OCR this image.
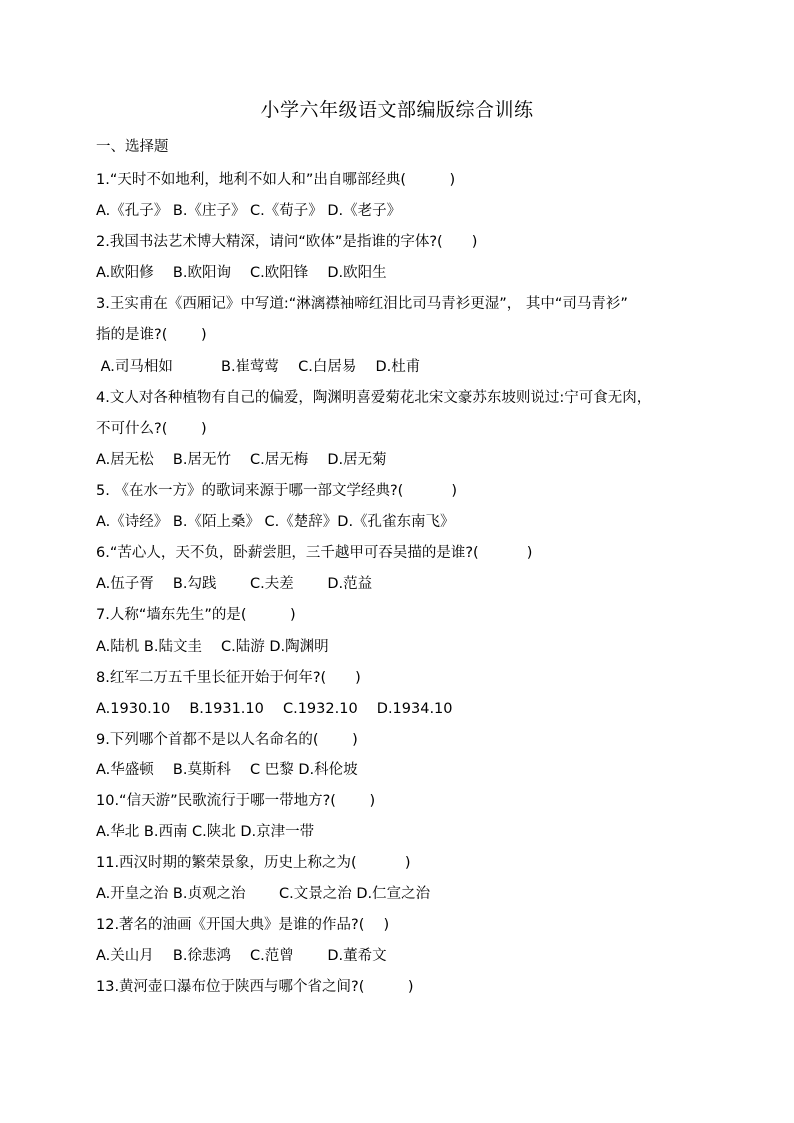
小学六年级语文部编版综合训练
一、选择题
1.“天时不如地利，地利不如人和”出自哪部经典(　　　)
A.《孔子》 B.《庄子》 C.《荀子》 D.《老子》
2.我国书法艺术博大精深，请问“欧体”是指谁的字体?(　　)
A.欧阳修　 B.欧阳询　 C.欧阳锋　 D.欧阳生
3.王实甫在《西厢记》中写道:“淋漓襟袖啼红泪比司马青衫更湿”， 其中“司马青衫”
指的是谁?(　　 )
A.司马相如　　　 B.崔莺莺　 C.白居易　 D.杜甫
4.文人对各种植物有自己的偏爱，陶渊明喜爱菊花北宋文豪苏东坡则说过:宁可食无肉，
不可什么?(　　 )
A.居无松　 B.居无竹　 C.居无梅　 D.居无菊
5. 《在水一方》的歌词来源于哪一部文学经典?(　　　 )
A.《诗经》 B.《陌上桑》 C.《楚辞》D.《孔雀东南飞》
6.“苦心人，天不负，卧薪尝胆，三千越甲可吞吴描的是谁?(　　　 )
A.伍子胥　 B.勾践　　 C.夫差　　 D.范益
7.人称“墙东先生”的是(　　　)
A.陆机 B.陆文圭　 C.陆游 D.陶渊明
8.红军二万五千里长征开始于何年?(　　)
A.1930.10　 B.1931.10　 C.1932.10　 D.1934.10
9.下列哪个首都不是以人名命名的(　　 )
A.华盛顿　 B.莫斯科　 C 巴黎 D.科伦坡
10.“信天游”民歌流行于哪一带地方?(　　 )
A.华北 B.西南 C.陕北 D.京津一带
11.西汉时期的繁荣景象，历史上称之为(　　　 )
A.开皇之治 B.贞观之治　　 C.文景之治 D.仁宣之治
12.著名的油画《开国大典》是谁的作品?(　 )
A.关山月　 B.徐悲鸿　 C.范曾　　 D.董希文
13.黄河壶口瀑布位于陕西与哪个省之间?(　　　)
